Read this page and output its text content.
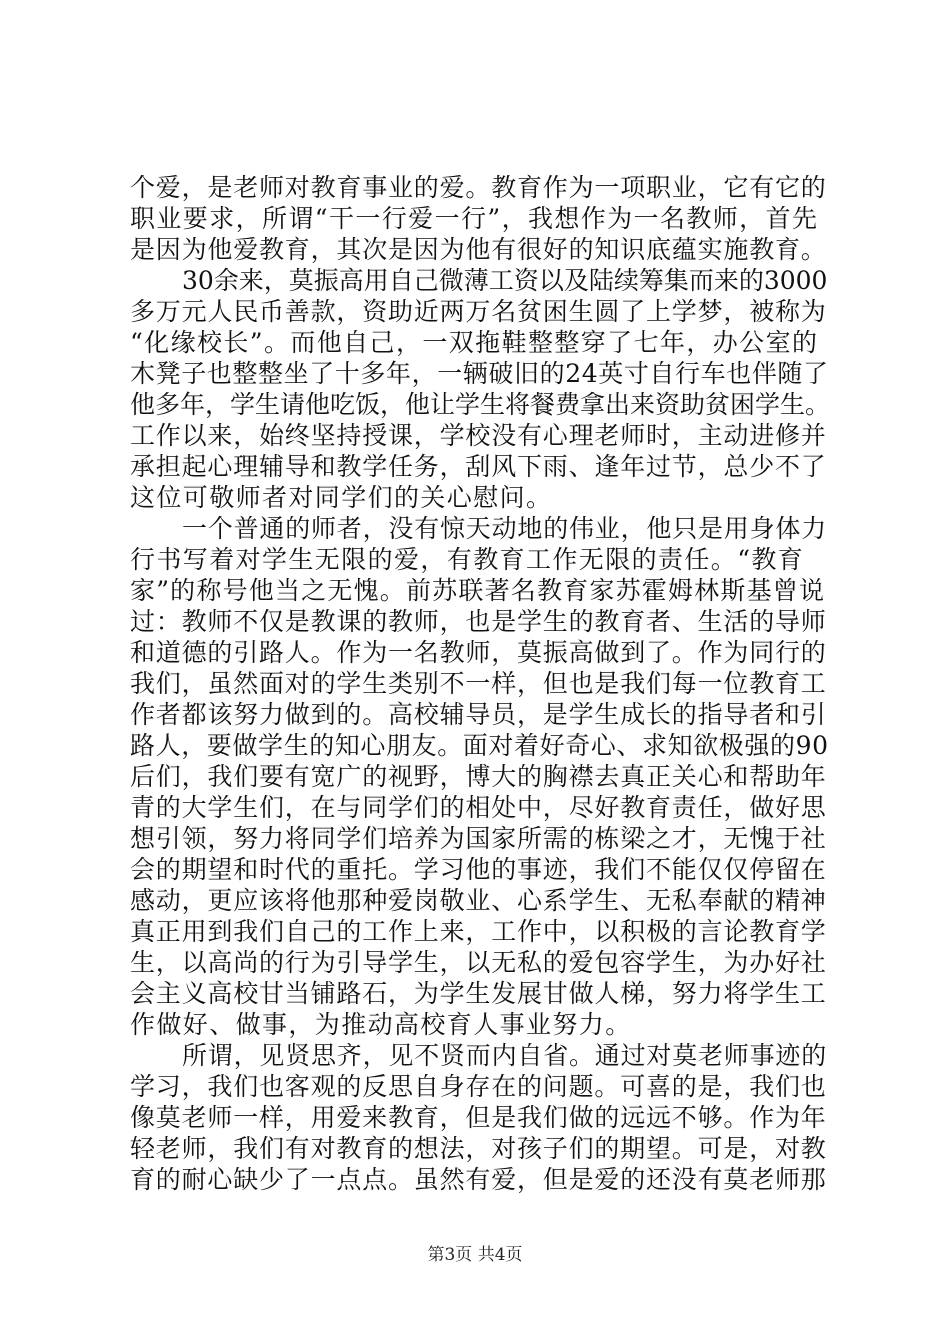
个爱，是老师对教育事业的爱。教育作为一项职业，它有它的
职业要求，所谓“干一行爱一行”，我想作为一名教师，首先
是因为他爱教育，其次是因为他有很好的知识底蕴实施教育。
30余来，莫振高用自己微薄工资以及陆续筹集而来的3000
多万元人民币善款，资助近两万名贫困生圆了上学梦，被称为
“化缘校长”。而他自己，一双拖鞋整整穿了七年，办公室的
木凳子也整整坐了十多年，一辆破旧的24英寸自行车也伴随了
他多年，学生请他吃饭，他让学生将餐费拿出来资助贫困学生。
工作以来，始终坚持授课，学校没有心理老师时，主动进修并
承担起心理辅导和教学任务，刮风下雨、逢年过节，总少不了
这位可敬师者对同学们的关心慰问。
一个普通的师者，没有惊天动地的伟业，他只是用身体力
行书写着对学生无限的爱，有教育工作无限的责任。“教育
家”的称号他当之无愧。前苏联著名教育家苏霍姆林斯基曾说
过：教师不仅是教课的教师，也是学生的教育者、生活的导师
和道德的引路人。作为一名教师，莫振高做到了。作为同行的
我们，虽然面对的学生类别不一样，但也是我们每一位教育工
作者都该努力做到的。高校辅导员，是学生成长的指导者和引
路人，要做学生的知心朋友。面对着好奇心、求知欲极强的90
后们，我们要有宽广的视野，博大的胸襟去真正关心和帮助年
青的大学生们，在与同学们的相处中，尽好教育责任，做好思
想引领，努力将同学们培养为国家所需的栋梁之才，无愧于社
会的期望和时代的重托。学习他的事迹，我们不能仅仅停留在
感动，更应该将他那种爱岗敬业、心系学生、无私奉献的精神
真正用到我们自己的工作上来，工作中，以积极的言论教育学
生，以高尚的行为引导学生，以无私的爱包容学生，为办好社
会主义高校甘当铺路石，为学生发展甘做人梯，努力将学生工
作做好、做事，为推动高校育人事业努力。
所谓，见贤思齐，见不贤而内自省。通过对莫老师事迹的
学习，我们也客观的反思自身存在的问题。可喜的是，我们也
像莫老师一样，用爱来教育，但是我们做的远远不够。作为年
轻老师，我们有对教育的想法，对孩子们的期望。可是，对教
育的耐心缺少了一点点。虽然有爱，但是爱的还没有莫老师那
第3页 共4页
